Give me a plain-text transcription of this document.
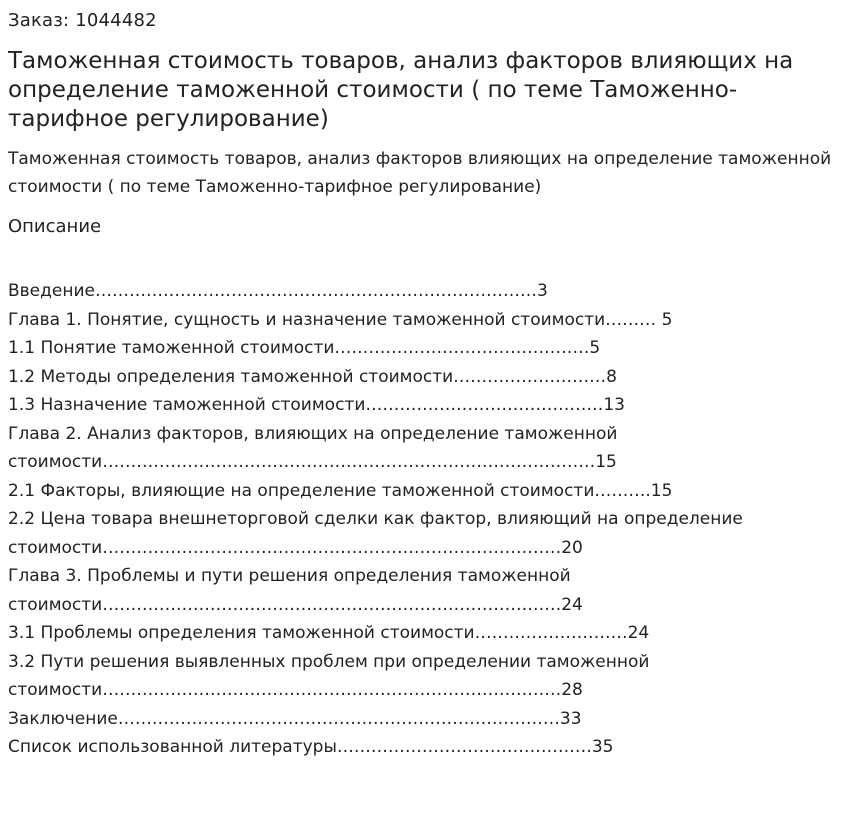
Заказ: 1044482
Таможенная стоимость товаров, анализ факторов влияющих на определение таможенной стоимости ( по теме Таможенно-тарифное регулирование)

Таможенная стоимость товаров, анализ факторов влияющих на определение таможенной стоимости ( по теме Таможенно-тарифное регулирование)

Описание
Введение……………………………………………………………………3
Глава 1. Понятие, сущность и назначение таможенной стоимости……… 5
1.1 Понятие таможенной стоимости………………………………………5
1.2 Методы определения таможенной стоимости………………………8
1.3 Назначение таможенной стоимости……………………………………13
Глава 2. Анализ факторов, влияющих на определение таможенной стоимости……………………………………………………………………………15
2.1 Факторы, влияющие на определение таможенной стоимости……….15
2.2 Цена товара внешнеторговой сделки как фактор, влияющий на определение стоимости………………………………………………………………………20
Глава 3. Проблемы и пути решения определения таможенной стоимости………………………………………………………………………24
3.1 Проблемы определения таможенной стоимости………………………24
3.2 Пути решения выявленных проблем при определении таможенной стоимости………………………………………………………………………28
Заключение……………………………………………………………………33
Список использованной литературы………………………………………35
